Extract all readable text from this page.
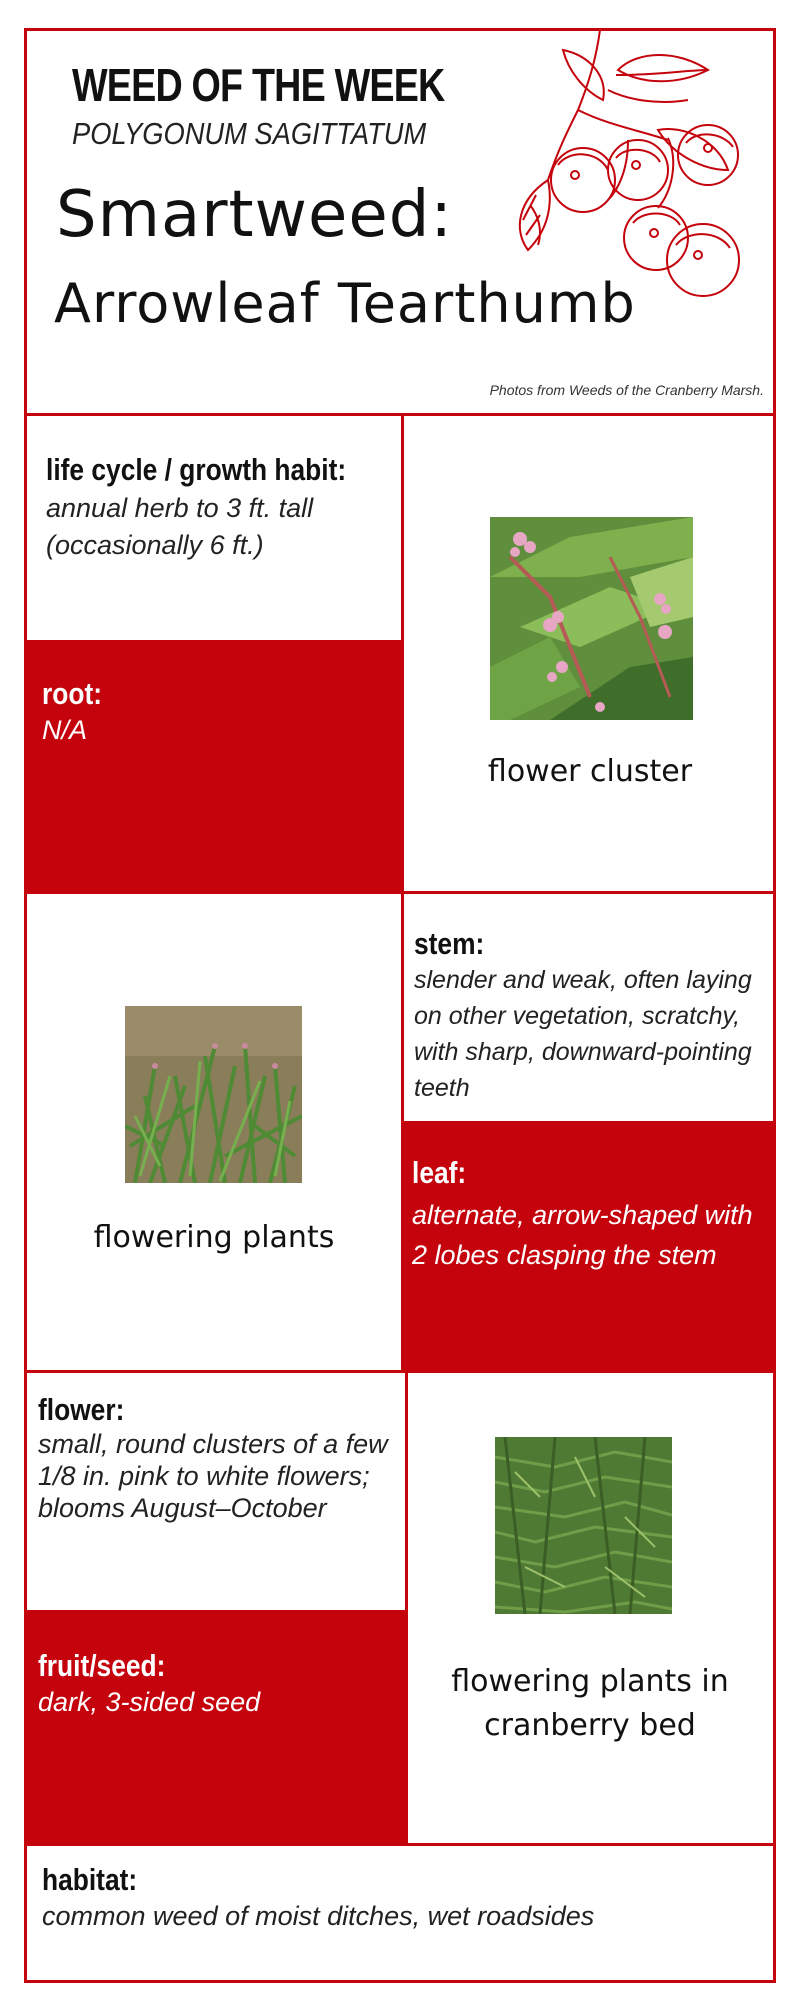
WEED OF THE WEEK
POLYGONUM SAGITTATUM
Smartweed:
Arrowleaf Tearthumb
Photos from Weeds of the Cranberry Marsh.
life cycle / growth habit:
annual herb to 3 ft. tall (occasionally 6 ft.)
root:
N/A
flower cluster
flowering plants
stem:
slender and weak, often laying on other vegetation, scratchy, with sharp, downward-pointing teeth
leaf:
alternate, arrow-shaped with 2 lobes clasping the stem
flower:
small, round clusters of a few 1/8 in. pink to white flowers; blooms August–October
fruit/seed:
dark, 3-sided seed
flowering plants in cranberry bed
habitat:
common weed of moist ditches, wet roadsides
